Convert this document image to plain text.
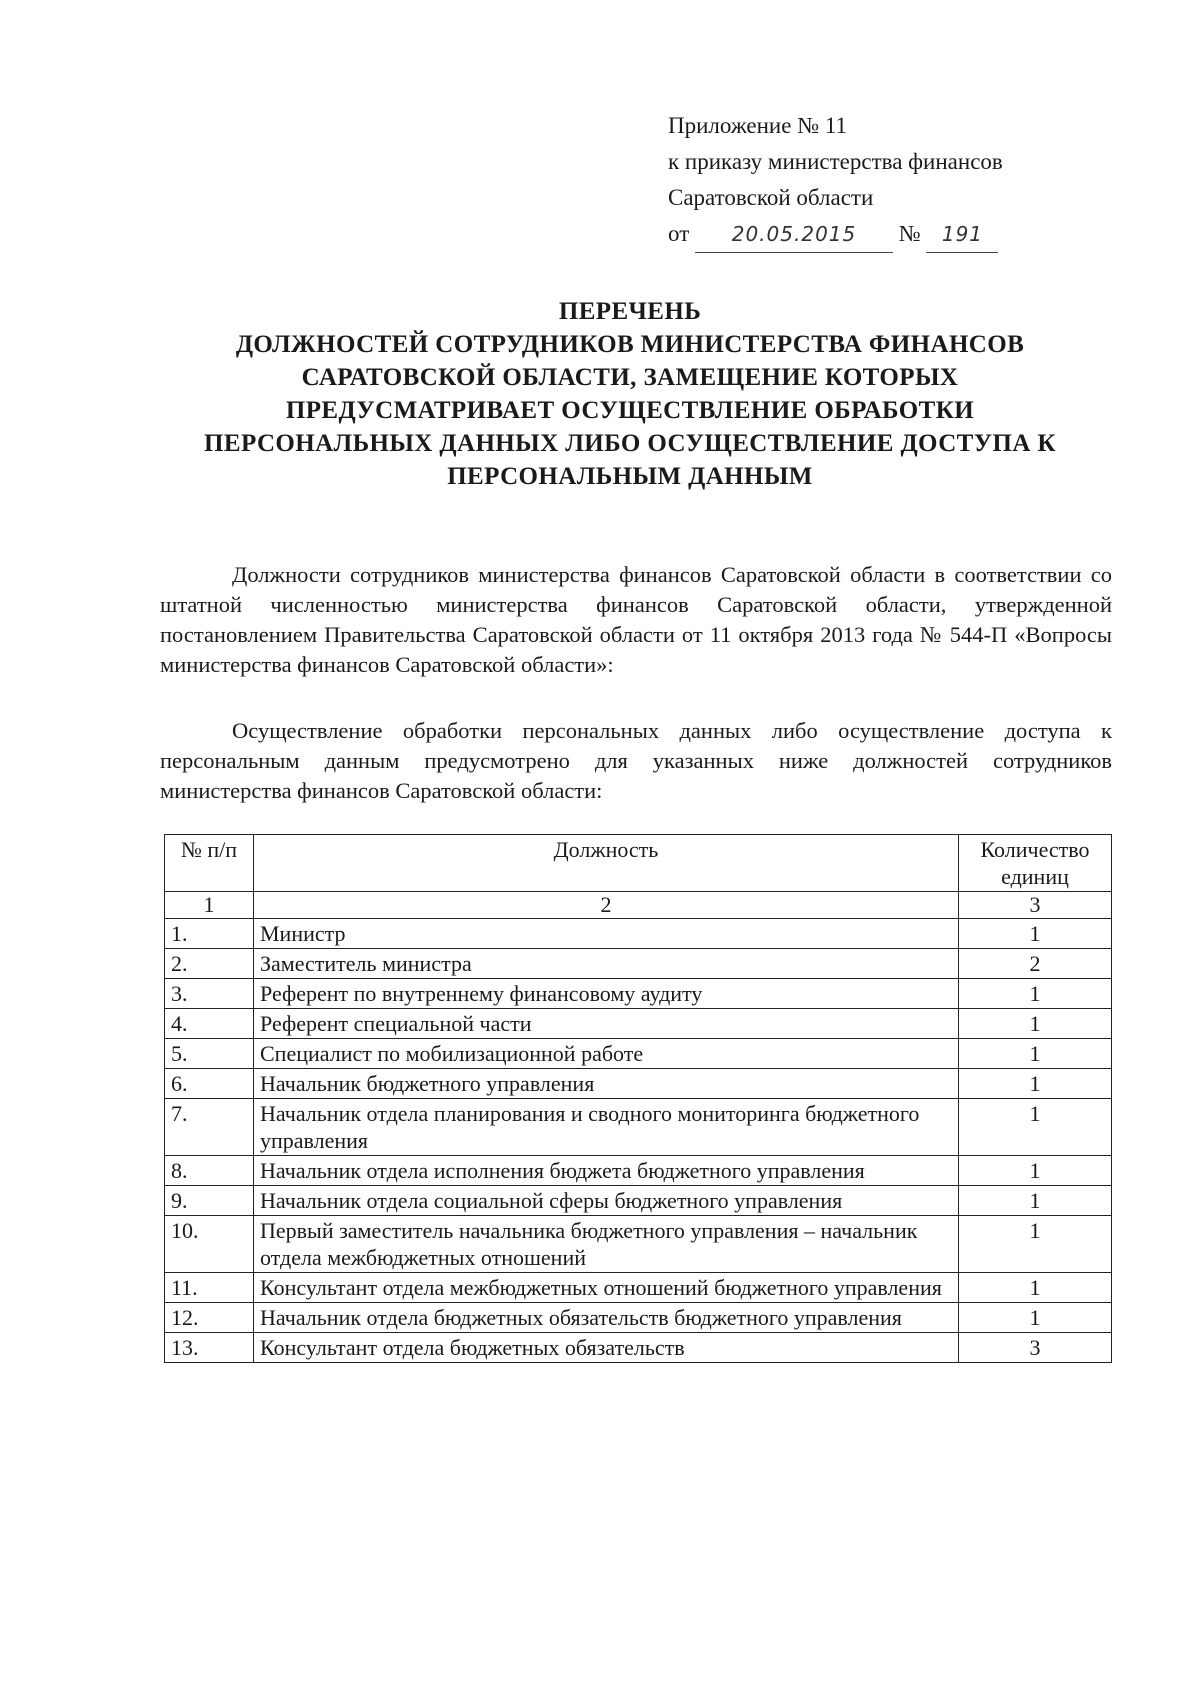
Приложение № 11
к приказу министерства финансов
Саратовской области
от 20.05.2015 № 191
ПЕРЕЧЕНЬ
ДОЛЖНОСТЕЙ СОТРУДНИКОВ МИНИСТЕРСТВА ФИНАНСОВ
САРАТОВСКОЙ ОБЛАСТИ, ЗАМЕЩЕНИЕ КОТОРЫХ
ПРЕДУСМАТРИВАЕТ ОСУЩЕСТВЛЕНИЕ ОБРАБОТКИ
ПЕРСОНАЛЬНЫХ ДАННЫХ ЛИБО ОСУЩЕСТВЛЕНИЕ ДОСТУПА К
ПЕРСОНАЛЬНЫМ ДАННЫМ

Должности сотрудников министерства финансов Саратовской области в соответствии со штатной численностью министерства финансов Саратовской области, утвержденной постановлением Правительства Саратовской области от 11 октября 2013 года № 544-П «Вопросы министерства финансов Саратовской области»:

Осуществление обработки персональных данных либо осуществление доступа к персональным данным предусмотрено для указанных ниже должностей сотрудников министерства финансов Саратовской области:

№ п/п	Должность	Количество единиц
1	2	3
1.	Министр	1
2.	Заместитель министра	2
3.	Референт по внутреннему финансовому аудиту	1
4.	Референт специальной части	1
5.	Специалист по мобилизационной работе	1
6.	Начальник бюджетного управления	1
7.	Начальник отдела планирования и сводного мониторинга бюджетного управления	1
8.	Начальник отдела исполнения бюджета бюджетного управления	1
9.	Начальник отдела социальной сферы бюджетного управления	1
10.	Первый заместитель начальника бюджетного управления – начальник отдела межбюджетных отношений	1
11.	Консультант отдела межбюджетных отношений бюджетного управления	1
12.	Начальник отдела бюджетных обязательств бюджетного управления	1
13.	Консультант отдела бюджетных обязательств	3
